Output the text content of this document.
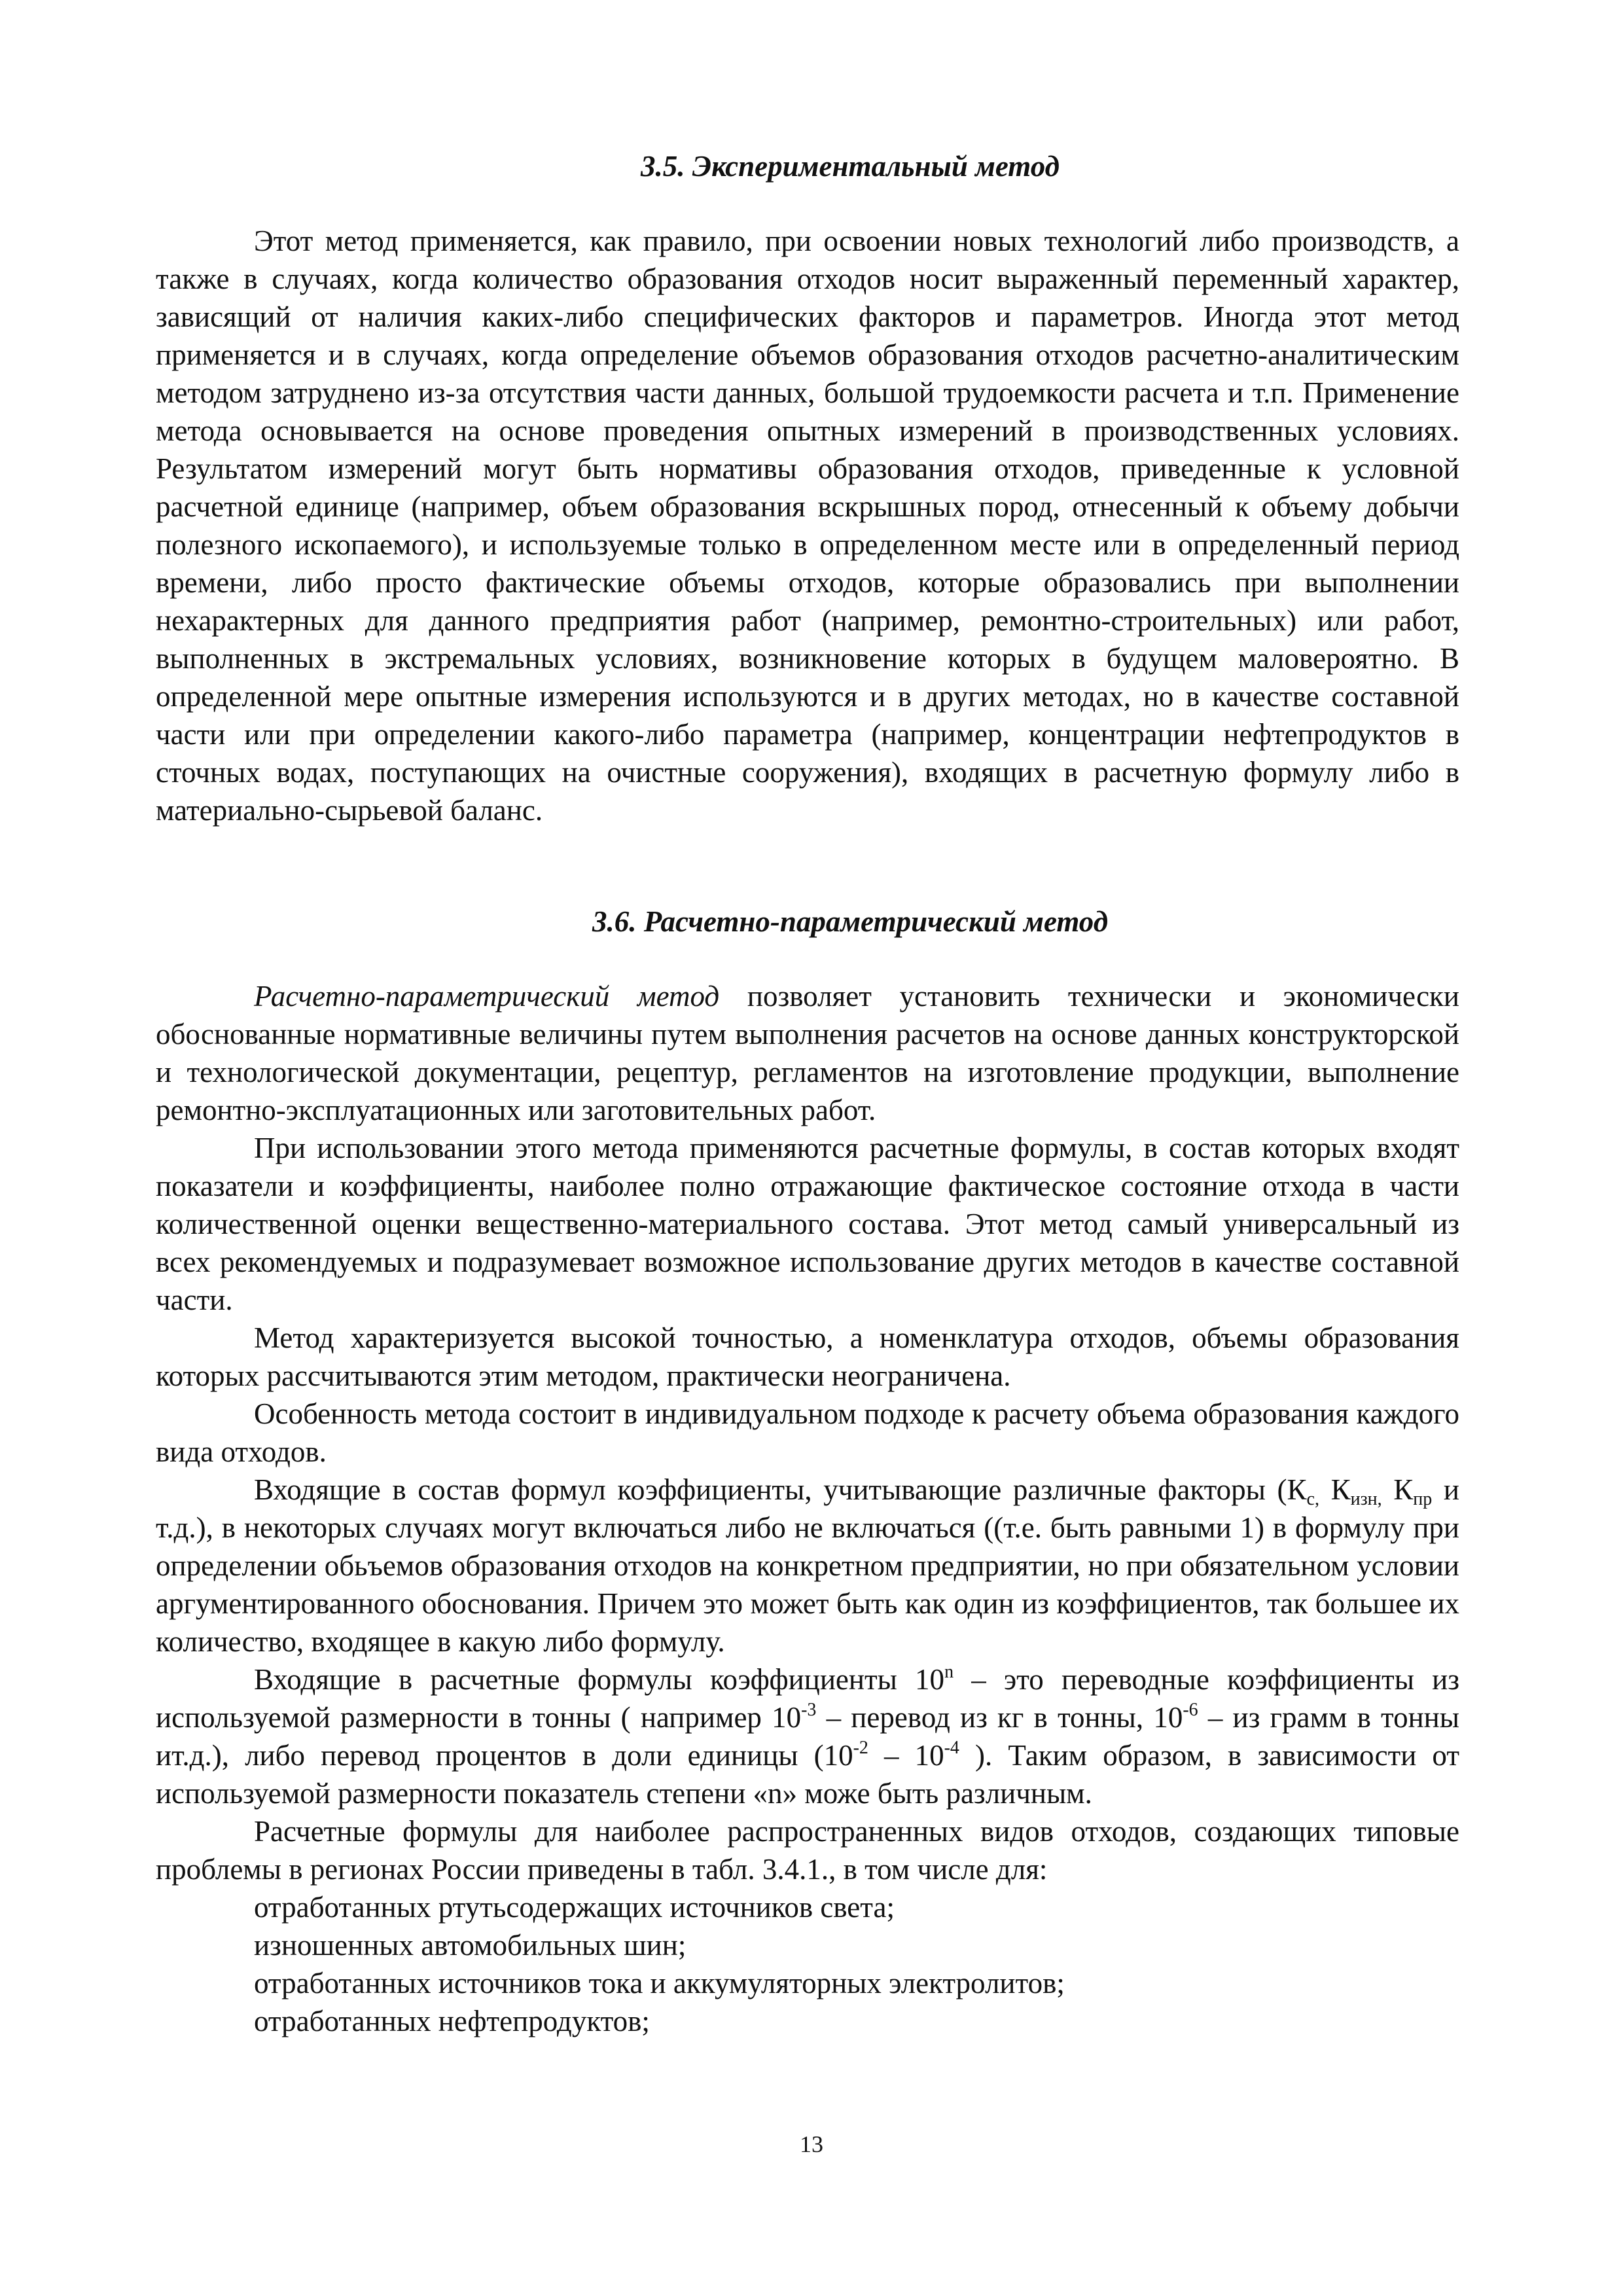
3.5. Экспериментальный метод

Этот метод применяется, как правило, при освоении новых технологий либо производств, а также в случаях, когда количество образования отходов носит выраженный переменный характер, зависящий от наличия каких-либо специфических факторов и параметров. Иногда этот метод применяется и в случаях, когда определение объемов образования отходов расчетно-аналитическим методом затруднено из-за отсутствия части данных, большой трудоемкости расчета и т.п. Применение метода основывается на основе проведения опытных измерений в производственных условиях. Результатом измерений могут быть нормативы образования отходов, приведенные к условной расчетной единице (например, объем образования вскрышных пород, отнесенный к объему добычи полезного ископаемого), и используемые только в определенном месте или в определенный период времени, либо просто фактические объемы отходов, которые образовались при выполнении нехарактерных для данного предприятия работ (например, ремонтно-строительных) или работ, выполненных в экстремальных условиях, возникновение которых в будущем маловероятно. В определенной мере опытные измерения используются и в других методах, но в качестве составной части или при определении какого-либо параметра (например, концентрации нефтепродуктов в сточных водах, поступающих на очистные сооружения), входящих в расчетную формулу либо в материально-сырьевой баланс.

3.6. Расчетно-параметрический метод

Расчетно-параметрический метод позволяет установить технически и экономически обоснованные нормативные величины путем выполнения расчетов на основе данных конструкторской и технологической документации, рецептур, регламентов на изготовление продукции, выполнение ремонтно-эксплуатационных или заготовительных работ.

При использовании этого метода применяются расчетные формулы, в состав которых входят показатели и коэффициенты, наиболее полно отражающие фактическое состояние отхода в части количественной оценки вещественно-материального состава. Этот метод самый универсальный из всех рекомендуемых и подразумевает возможное использование других методов в качестве составной части.

Метод характеризуется высокой точностью, а номенклатура отходов, объемы образования которых рассчитываются этим методом, практически неограничена.

Особенность метода состоит в индивидуальном подходе к расчету объема образования каждого вида отходов.

Входящие в состав формул коэффициенты, учитывающие различные факторы ($К_{с,}$ $К_{изн,}$ $К_{пр}$ и т.д.), в некоторых случаях могут включаться либо не включаться ((т.е. быть равными 1) в формулу при определении обьъемов образования отходов на конкретном предприятии, но при обязательном условии аргументированного обоснования. Причем это может быть как один из коэффициентов, так большее их количество, входящее в какую либо формулу.

Входящие в расчетные формулы коэффициенты 10$^n$ – это переводные коэффициенты из используемой размерности в тонны ( например $10^{-3}$ – перевод из кг в тонны, $10^{-6}$ – из грамм в тонны ит.д.), либо перевод процентов в доли единицы ($10^{-2} - 10^{-4}$ ). Таким образом, в зависимости от используемой размерности показатель степени «n» може быть различным.

Расчетные формулы для наиболее распространенных видов отходов, создающих типовые проблемы в регионах России приведены в табл. 3.4.1., в том числе для:

отработанных ртутьсодержащих источников света;
изношенных автомобильных шин;
отработанных источников тока и аккумуляторных электролитов;
отработанных нефтепродуктов;
13
